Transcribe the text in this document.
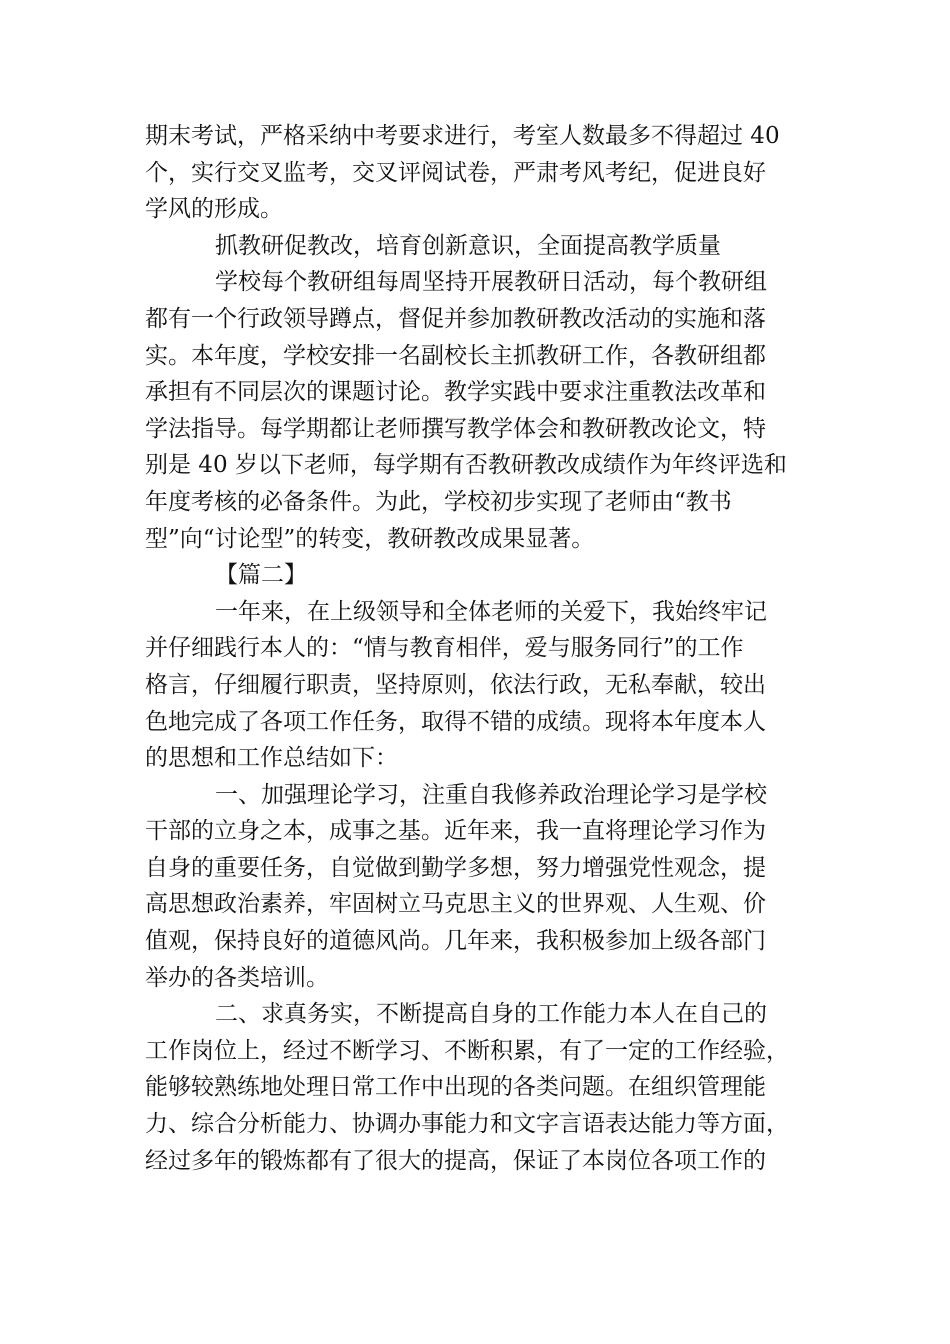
期末考试，严格采纳中考要求进行，考室人数最多不得超过 40
个，实行交叉监考，交叉评阅试卷，严肃考风考纪，促进良好
学风的形成。
抓教研促教改，培育创新意识，全面提高教学质量
学校每个教研组每周坚持开展教研日活动，每个教研组
都有一个行政领导蹲点，督促并参加教研教改活动的实施和落
实。本年度，学校安排一名副校长主抓教研工作，各教研组都
承担有不同层次的课题讨论。教学实践中要求注重教法改革和
学法指导。每学期都让老师撰写教学体会和教研教改论文，特
别是 40 岁以下老师，每学期有否教研教改成绩作为年终评选和
年度考核的必备条件。为此，学校初步实现了老师由“教书
型”向“讨论型”的转变，教研教改成果显著。
【篇二】
一年来，在上级领导和全体老师的关爱下，我始终牢记
并仔细践行本人的：“情与教育相伴，爱与服务同行”的工作
格言，仔细履行职责，坚持原则，依法行政，无私奉献，较出
色地完成了各项工作任务，取得不错的成绩。现将本年度本人
的思想和工作总结如下：
一、加强理论学习，注重自我修养政治理论学习是学校
干部的立身之本，成事之基。近年来，我一直将理论学习作为
自身的重要任务，自觉做到勤学多想，努力增强党性观念，提
高思想政治素养，牢固树立马克思主义的世界观、人生观、价
值观，保持良好的道德风尚。几年来，我积极参加上级各部门
举办的各类培训。
二、求真务实，不断提高自身的工作能力本人在自己的
工作岗位上，经过不断学习、不断积累，有了一定的工作经验，
能够较熟练地处理日常工作中出现的各类问题。在组织管理能
力、综合分析能力、协调办事能力和文字言语表达能力等方面，
经过多年的锻炼都有了很大的提高，保证了本岗位各项工作的
